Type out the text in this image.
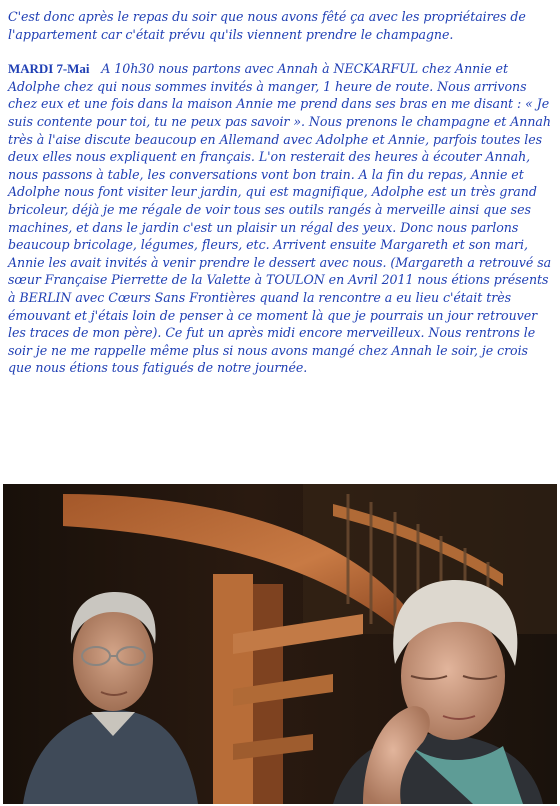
C'est donc après le repas du soir que nous avons fêté ça avec les propriétaires de l'appartement car c'était prévu qu'ils viennent prendre le champagne.

MARDI 7-Mai A 10h30 nous partons avec Annah à NECKARFUL chez Annie et Adolphe chez qui nous sommes invités à manger, 1 heure de route. Nous arrivons chez eux et une fois dans la maison Annie me prend dans ses bras en me disant : « Je suis contente pour toi, tu ne peux pas savoir ». Nous prenons le champagne et Annah très à l'aise discute beaucoup en Allemand avec Adolphe et Annie, parfois toutes les deux elles nous expliquent en français. L'on resterait des heures à écouter Annah, nous passons à table, les conversations vont bon train. A la fin du repas, Annie et Adolphe nous font visiter leur jardin, qui est magnifique, Adolphe est un très grand bricoleur, déjà je me régale de voir tous ses outils rangés à merveille ainsi que ses machines, et dans le jardin c'est un plaisir un régal des yeux. Donc nous parlons beaucoup bricolage, légumes, fleurs, etc. Arrivent ensuite Margareth et son mari, Annie les avait invités à venir prendre le dessert avec nous. (Margareth a retrouvé sa sœur Française Pierrette de la Valette à TOULON en Avril 2011 nous étions présents à BERLIN avec Cœurs Sans Frontières quand la rencontre a eu lieu c'était très émouvant et j'étais loin de penser à ce moment là que je pourrais un jour retrouver les traces de mon père). Ce fut un après midi encore merveilleux. Nous rentrons le soir je ne me rappelle même plus si nous avons mangé chez Annah le soir, je crois que nous étions tous fatigués de notre journée.
